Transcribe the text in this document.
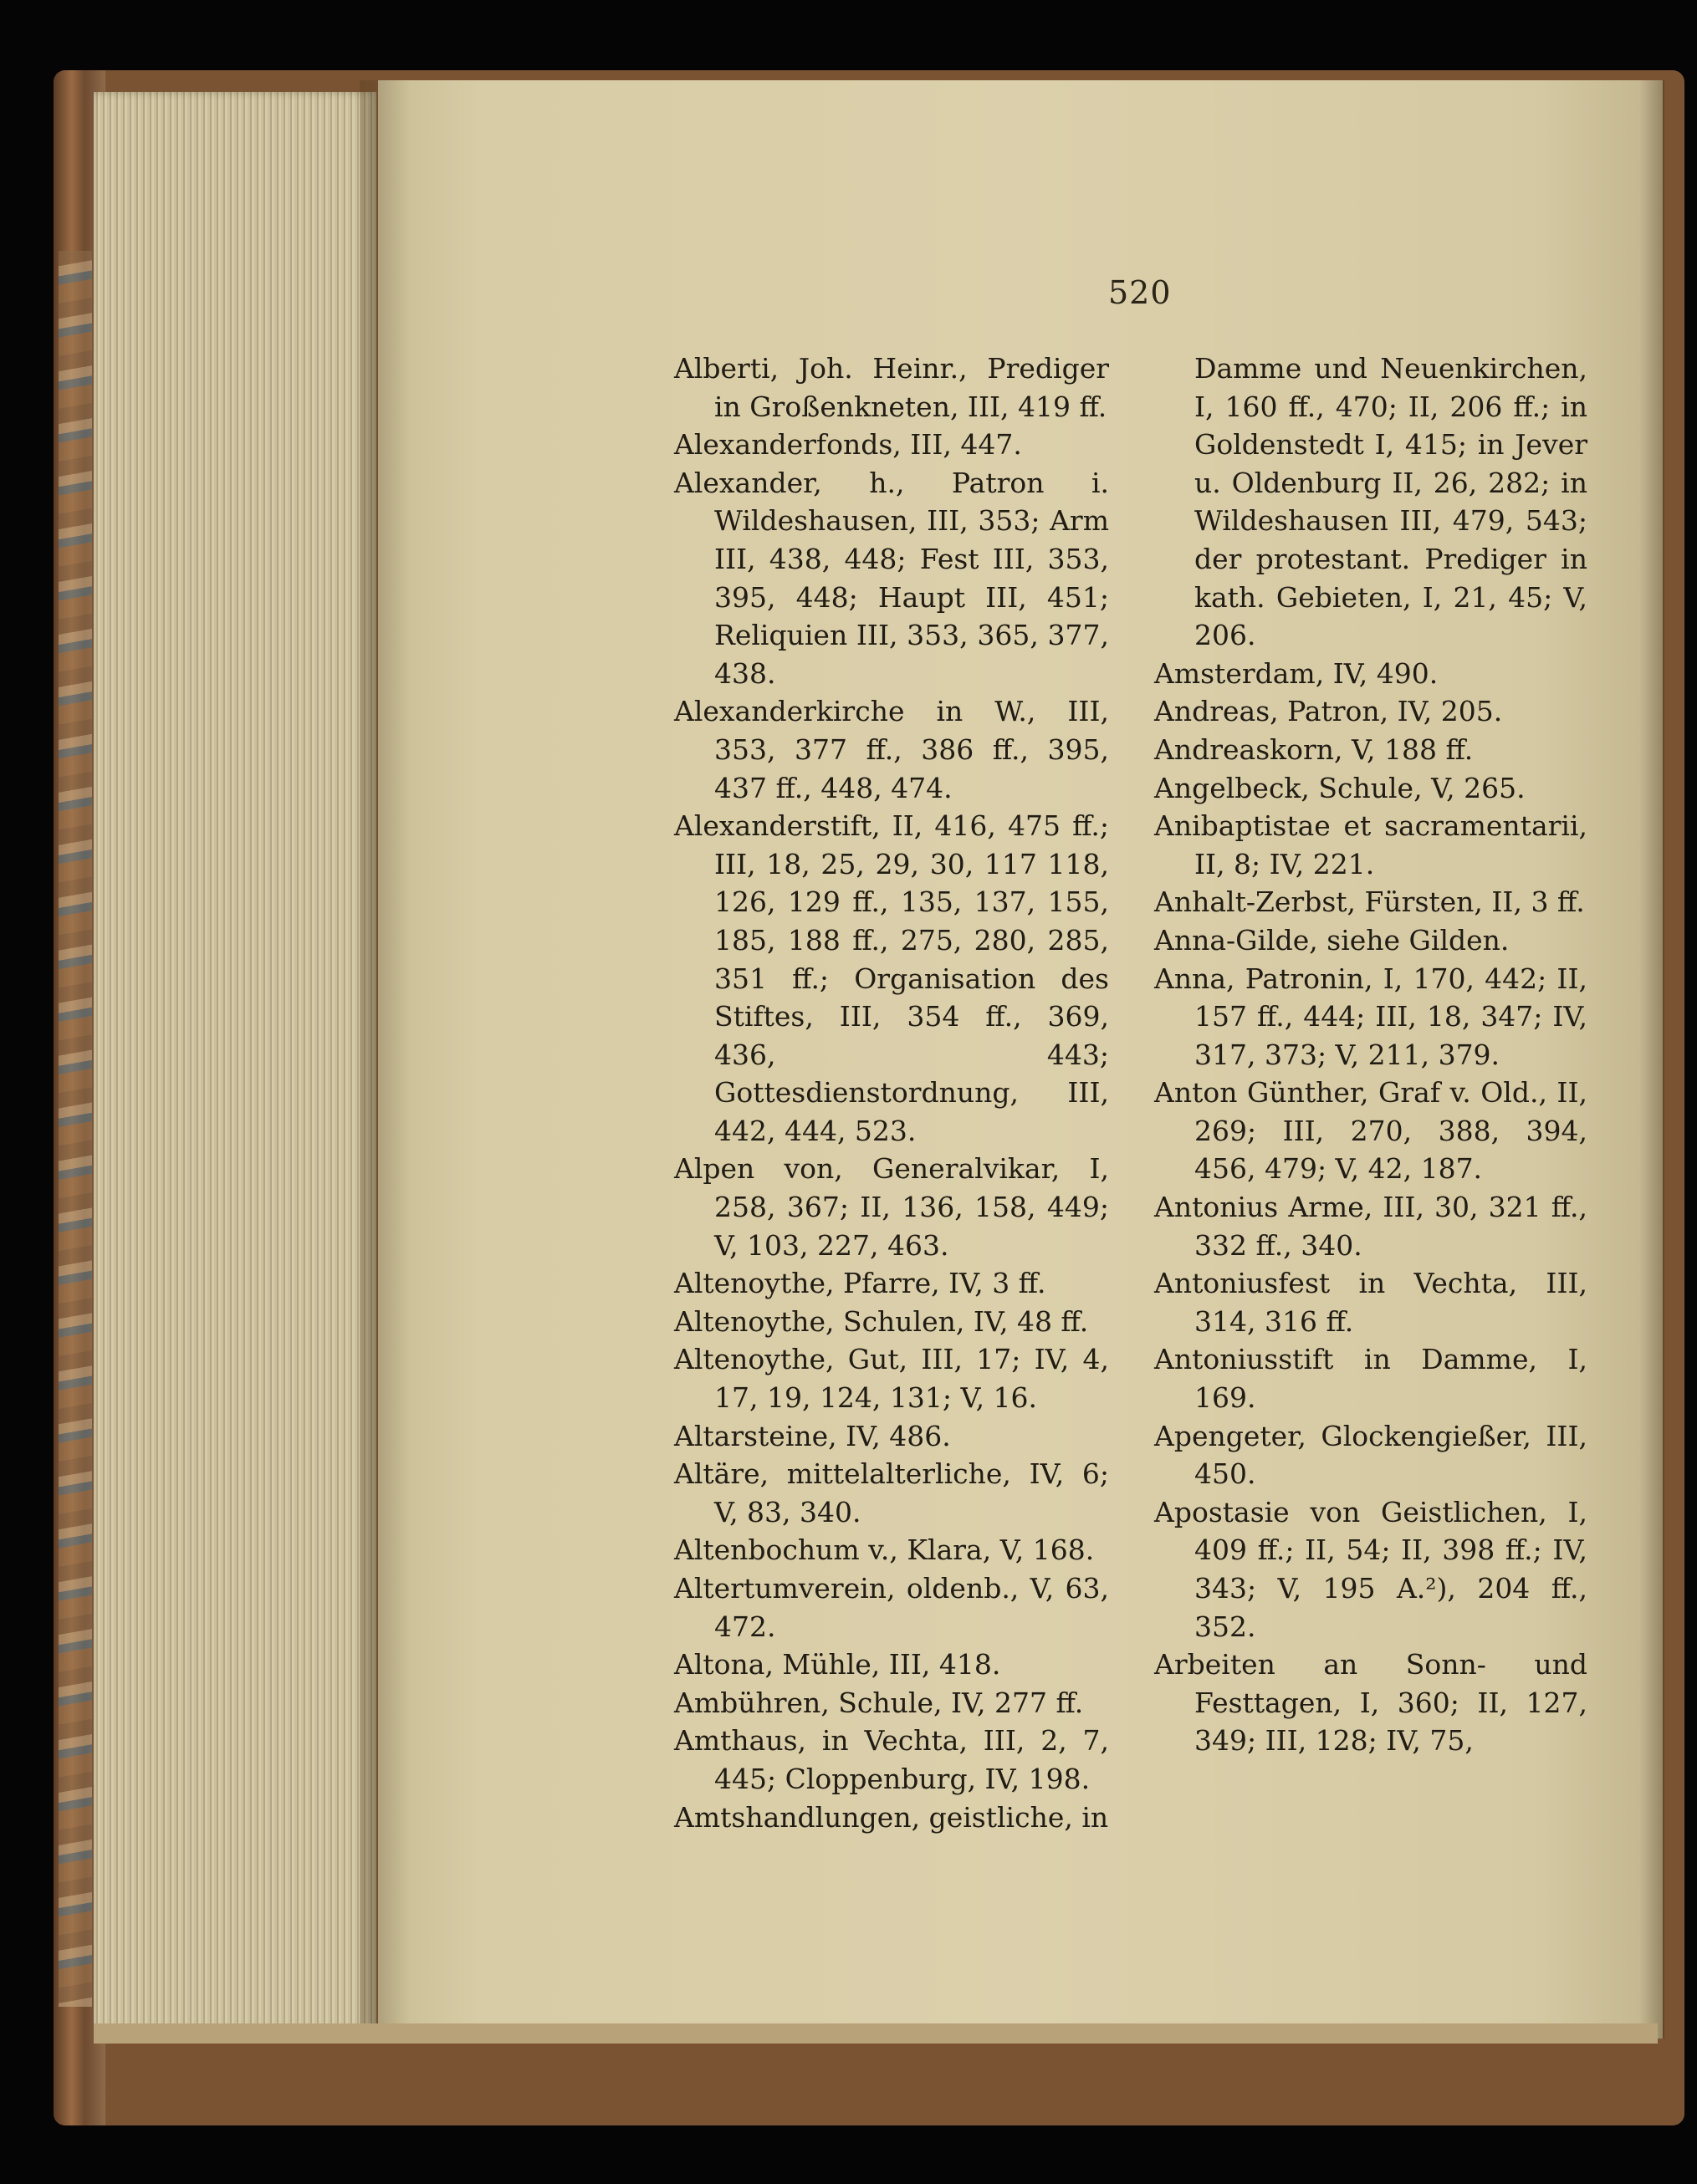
520
Alberti, Joh. Heinr., Prediger in Großenkneten, III, 419 ff.
Alexanderfonds, III, 447.
Alexander, h., Patron i. Wildeshausen, III, 353; Arm III, 438, 448; Fest III, 353, 395, 448; Haupt III, 451; Reliquien III, 353, 365, 377, 438.
Alexanderkirche in W., III, 353, 377 ff., 386 ff., 395, 437 ff., 448, 474.
Alexanderstift, II, 416, 475 ff.; III, 18, 25, 29, 30, 117 118, 126, 129 ff., 135, 137, 155, 185, 188 ff., 275, 280, 285, 351 ff.; Organisation des Stiftes, III, 354 ff., 369, 436, 443; Gottesdienstordnung, III, 442, 444, 523.
Alpen von, Generalvikar, I, 258, 367; II, 136, 158, 449; V, 103, 227, 463.
Altenoythe, Pfarre, IV, 3 ff.
Altenoythe, Schulen, IV, 48 ff.
Altenoythe, Gut, III, 17; IV, 4, 17, 19, 124, 131; V, 16.
Altarsteine, IV, 486.
Altäre, mittelalterliche, IV, 6; V, 83, 340.
Altenbochum v., Klara, V, 168.
Altertumverein, oldenb., V, 63, 472.
Altona, Mühle, III, 418.
Ambühren, Schule, IV, 277 ff.
Amthaus, in Vechta, III, 2, 7, 445; Cloppenburg, IV, 198.
Amtshandlungen, geistliche, in
Damme und Neuenkirchen, I, 160 ff., 470; II, 206 ff.; in Goldenstedt I, 415; in Jever u. Oldenburg II, 26, 282; in Wildeshausen III, 479, 543; der protestant. Prediger in kath. Gebieten, I, 21, 45; V, 206.
Amsterdam, IV, 490.
Andreas, Patron, IV, 205.
Andreaskorn, V, 188 ff.
Angelbeck, Schule, V, 265.
Anibaptistae et sacramentarii, II, 8; IV, 221.
Anhalt-Zerbst, Fürsten, II, 3 ff.
Anna-Gilde, siehe Gilden.
Anna, Patronin, I, 170, 442; II, 157 ff., 444; III, 18, 347; IV, 317, 373; V, 211, 379.
Anton Günther, Graf v. Old., II, 269; III, 270, 388, 394, 456, 479; V, 42, 187.
Antonius Arme, III, 30, 321 ff., 332 ff., 340.
Antoniusfest in Vechta, III, 314, 316 ff.
Antoniusstift in Damme, I, 169.
Apengeter, Glockengießer, III, 450.
Apostasie von Geistlichen, I, 409 ff.; II, 54; II, 398 ff.; IV, 343; V, 195 A.²), 204 ff., 352.
Arbeiten an Sonn- und Festtagen, I, 360; II, 127, 349; III, 128; IV, 75,
